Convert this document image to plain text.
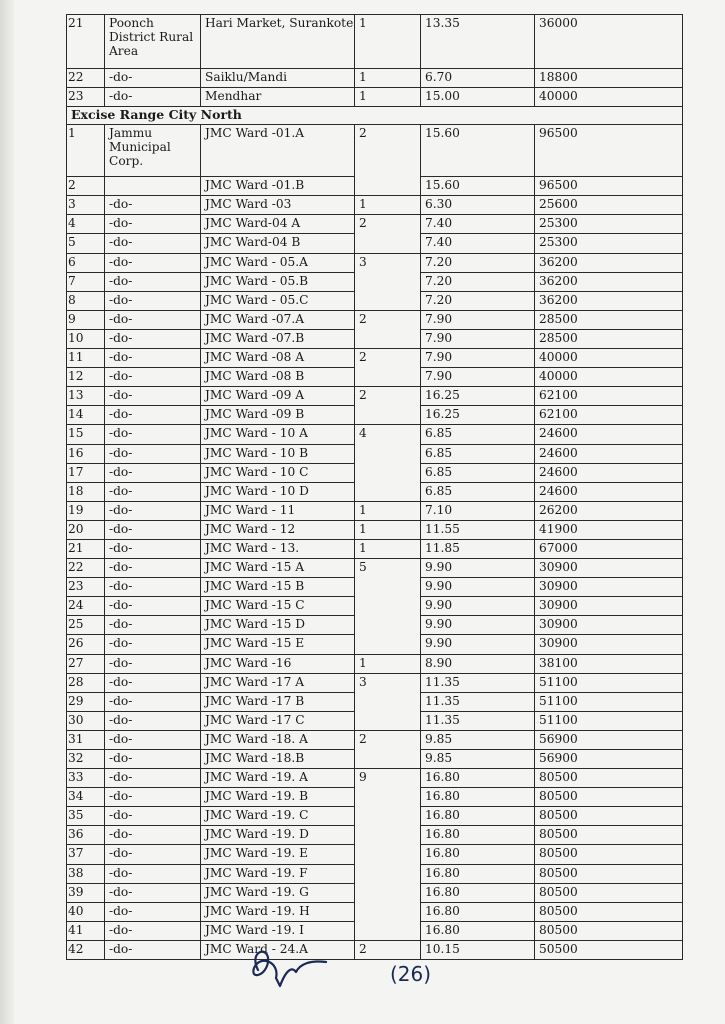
21	Poonch District Rural Area	Hari Market, Surankote	1	13.35	36000
22	-do-	Saiklu/Mandi	1	6.70	18800
23	-do-	Mendhar	1	15.00	40000
Excise Range City North					
1	Jammu Municipal Corp.	JMC Ward -01.A	2	15.60	96500
2		JMC Ward -01.B		15.60	96500
3	-do-	JMC Ward -03	1	6.30	25600
4	-do-	JMC Ward-04 A	2	7.40	25300
5	-do-	JMC Ward-04 B		7.40	25300
6	-do-	JMC Ward - 05.A	3	7.20	36200
7	-do-	JMC Ward - 05.B		7.20	36200
8	-do-	JMC Ward - 05.C		7.20	36200
9	-do-	JMC Ward -07.A	2	7.90	28500
10	-do-	JMC Ward -07.B		7.90	28500
11	-do-	JMC Ward -08 A	2	7.90	40000
12	-do-	JMC Ward -08 B		7.90	40000
13	-do-	JMC Ward -09 A	2	16.25	62100
14	-do-	JMC Ward -09 B		16.25	62100
15	-do-	JMC Ward - 10 A	4	6.85	24600
16	-do-	JMC Ward - 10 B		6.85	24600
17	-do-	JMC Ward - 10 C		6.85	24600
18	-do-	JMC Ward - 10 D		6.85	24600
19	-do-	JMC Ward - 11	1	7.10	26200
20	-do-	JMC Ward - 12	1	11.55	41900
21	-do-	JMC Ward - 13.	1	11.85	67000
22	-do-	JMC Ward -15 A	5	9.90	30900
23	-do-	JMC Ward -15 B		9.90	30900
24	-do-	JMC Ward -15 C		9.90	30900
25	-do-	JMC Ward -15 D		9.90	30900
26	-do-	JMC Ward -15 E		9.90	30900
27	-do-	JMC Ward -16	1	8.90	38100
28	-do-	JMC Ward -17 A	3	11.35	51100
29	-do-	JMC Ward -17 B		11.35	51100
30	-do-	JMC Ward -17 C		11.35	51100
31	-do-	JMC Ward -18. A	2	9.85	56900
32	-do-	JMC Ward -18.B		9.85	56900
33	-do-	JMC Ward -19. A	9	16.80	80500
34	-do-	JMC Ward -19. B		16.80	80500
35	-do-	JMC Ward -19. C		16.80	80500
36	-do-	JMC Ward -19. D		16.80	80500
37	-do-	JMC Ward -19. E		16.80	80500
38	-do-	JMC Ward -19. F		16.80	80500
39	-do-	JMC Ward -19. G		16.80	80500
40	-do-	JMC Ward -19. H		16.80	80500
41	-do-	JMC Ward -19. I		16.80	80500
42	-do-	JMC Ward - 24.A	2	10.15	50500
(26)
